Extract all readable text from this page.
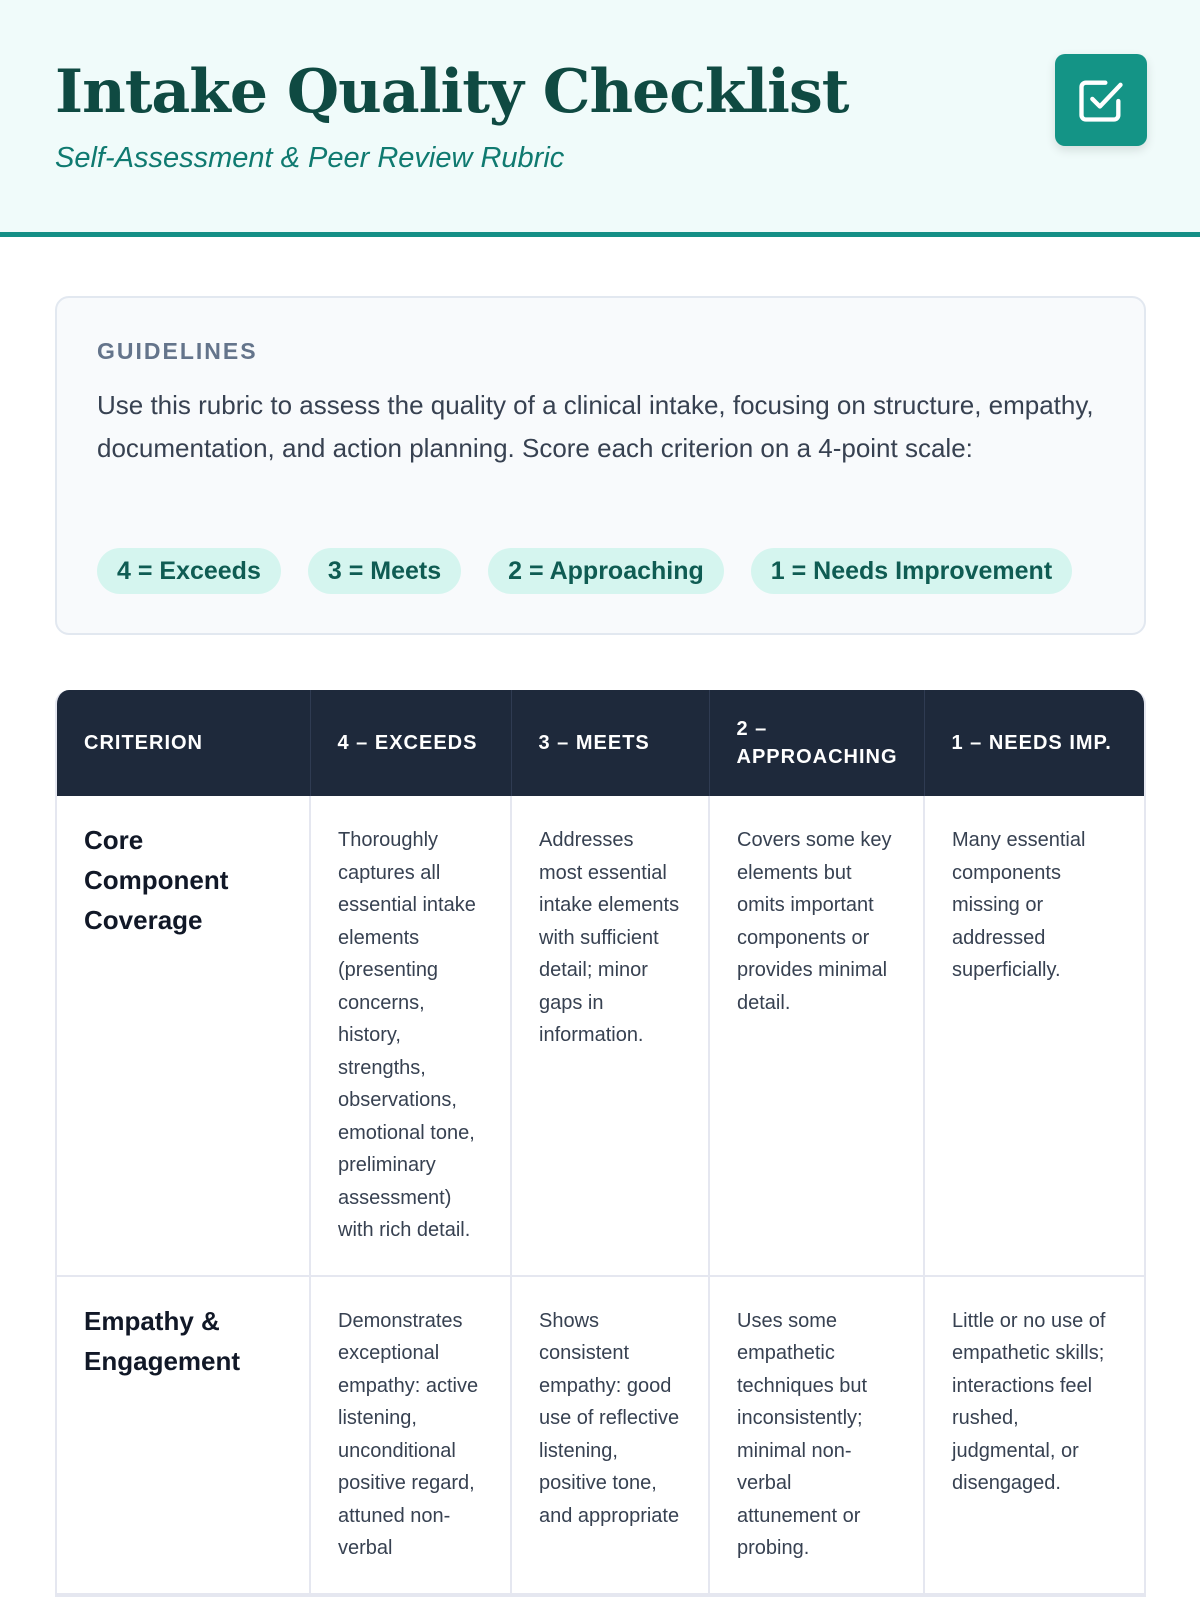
Intake Quality Checklist

Self-Assessment & Peer Review Rubric

GUIDELINES

Use this rubric to assess the quality of a clinical intake, focusing on structure, empathy, documentation, and action planning. Score each criterion on a 4-point scale:

4 = Exceeds	3 = Meets	2 = Approaching	1 = Needs Improvement
CRITERION	4 – EXCEEDS	3 – MEETS	2 – APPROACHING	1 – NEEDS IMP.
Core Component Coverage	Thoroughly captures all essential intake elements (presenting concerns, history, strengths, observations, emotional tone, preliminary assessment) with rich detail.	Addresses most essential intake elements with sufficient detail; minor gaps in information.	Covers some key elements but omits important components or provides minimal detail.	Many essential components missing or addressed superficially.
Empathy & Engagement	Demonstrates exceptional empathy: active listening, unconditional positive regard, attuned non-verbal	Shows consistent empathy: good use of reflective listening, positive tone, and appropriate	Uses some empathetic techniques but inconsistently; minimal non-verbal attunement or probing.	Little or no use of empathetic skills; interactions feel rushed, judgmental, or disengaged.
